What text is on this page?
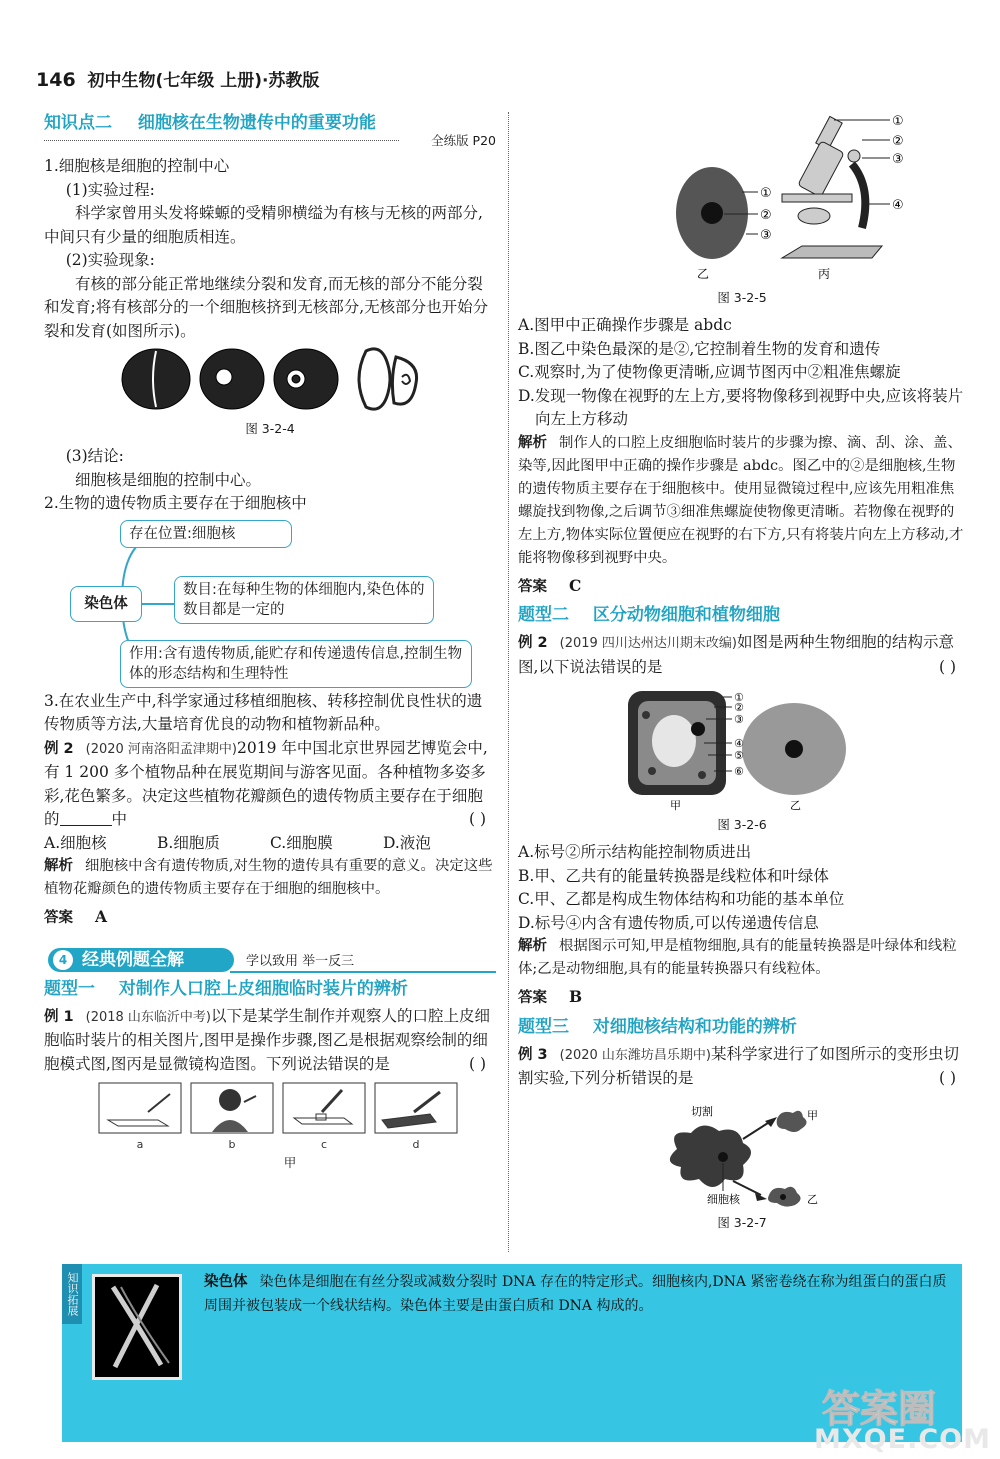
146 初中生物(七年级 上册)·苏教版
知识点二 细胞核在生物遗传中的重要功能
全练版 P20
1.细胞核是细胞的控制中心
(1)实验过程:
科学家曾用头发将蝾螈的受精卵横缢为有核与无核的两部分,中间只有少量的细胞质相连。
(2)实验现象:
有核的部分能正常地继续分裂和发育,而无核的部分不能分裂和发育;将有核部分的一个细胞核挤到无核部分,无核部分也开始分裂和发育(如图所示)。
图 3-2-4
(3)结论:
细胞核是细胞的控制中心。
2.生物的遗传物质主要存在于细胞核中
染色体
存在位置:细胞核
数目:在每种生物的体细胞内,染色体的数目都是一定的
作用:含有遗传物质,能贮存和传递遗传信息,控制生物体的形态结构和生理特性
3.在农业生产中,科学家通过移植细胞核、转移控制优良性状的遗传物质等方法,大量培育优良的动物和植物新品种。
例 2 (2020 河南洛阳孟津期中)2019 年中国北京世界园艺博览会中,有 1 200 多个植物品种在展览期间与游客见面。各种植物多姿多彩,花色繁多。决定这些植物花瓣颜色的遗传物质主要存在于细胞的	中	( )
A.细胞核	B.细胞质	C.细胞膜	D.液泡
解析 细胞核中含有遗传物质,对生物的遗传具有重要的意义。决定这些植物花瓣颜色的遗传物质主要存在于细胞的细胞核中。
答案 A
4 经典例题全解	学以致用 举一反三
题型一 对制作人口腔上皮细胞临时装片的辨析
例 1 (2018 山东临沂中考)以下是某学生制作并观察人的口腔上皮细胞临时装片的相关图片,图甲是操作步骤,图乙是根据观察绘制的细胞模式图,图丙是显微镜构造图。下列说法错误的是	( )
a	b	c	d
甲
①
②
③
乙
①
②
③
④
丙
图 3-2-5
A.图甲中正确操作步骤是 abdc
B.图乙中染色最深的是②,它控制着生物的发育和遗传
C.观察时,为了使物像更清晰,应调节图丙中②粗准焦螺旋
D.发现一物像在视野的左上方,要将物像移到视野中央,应该将装片向左上方移动
解析 制作人的口腔上皮细胞临时装片的步骤为擦、滴、刮、涂、盖、染等,因此图甲中正确的操作步骤是 abdc。图乙中的②是细胞核,生物的遗传物质主要存在于细胞核中。使用显微镜过程中,应该先用粗准焦螺旋找到物像,之后调节③细准焦螺旋使物像更清晰。若物像在视野的左上方,物体实际位置便应在视野的右下方,只有将装片向左上方移动,才能将物像移到视野中央。
答案 C
题型二 区分动物细胞和植物细胞
例 2 (2019 四川达州达川期末改编)如图是两种生物细胞的结构示意图,以下说法错误的是	( )
①
②
③
④
⑤
⑥
甲	乙
图 3-2-6
A.标号②所示结构能控制物质进出
B.甲、乙共有的能量转换器是线粒体和叶绿体
C.甲、乙都是构成生物体结构和功能的基本单位
D.标号④内含有遗传物质,可以传递遗传信息
解析 根据图示可知,甲是植物细胞,具有的能量转换器是叶绿体和线粒体;乙是动物细胞,具有的能量转换器只有线粒体。
答案 B
题型三 对细胞核结构和功能的辨析
例 3 (2020 山东潍坊昌乐期中)某科学家进行了如图所示的变形虫切割实验,下列分析错误的是	( )
切割	甲
乙
细胞核
图 3-2-7
知识拓展	染色体 染色体是细胞在有丝分裂或减数分裂时 DNA 存在的特定形式。细胞核内,DNA 紧密卷绕在称为组蛋白的蛋白质周围并被包装成一个线状结构。染色体主要是由蛋白质和 DNA 构成的。
答案圈
MXQE.COM
